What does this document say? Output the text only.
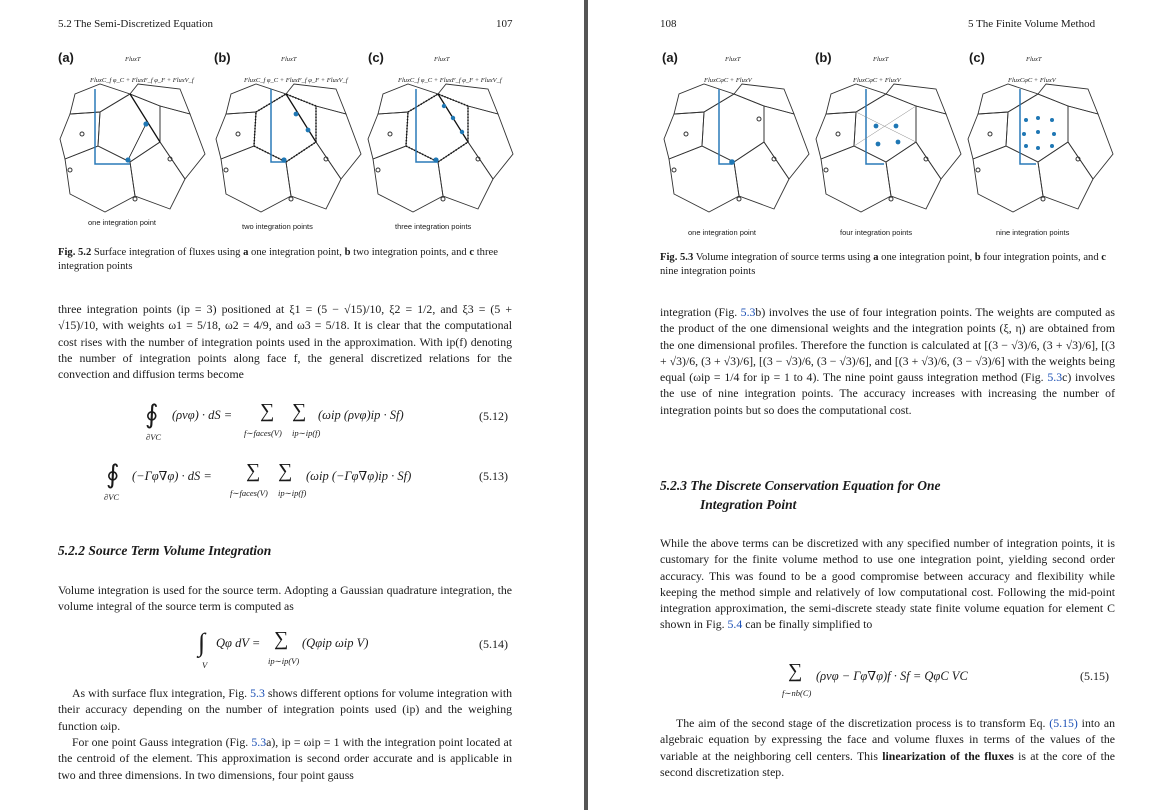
5.2 The Semi-Discretized Equation	107
(a)	FluxT
FluxC_f φ_C + FluxF_f φ_F + FluxV_f
one integration point
(b)	FluxT
FluxC_f φ_C + FluxF_f φ_F + FluxV_f
two integration points
(c)	FluxT
FluxC_f φ_C + FluxF_f φ_F + FluxV_f
three integration points
Fig. 5.2 Surface integration of fluxes using a one integration point, b two integration points, and c three integration points
three integration points (ip = 3) positioned at ξ1 = (5 − √15)/10, ξ2 = 1/2, and ξ3 = (5 + √15)/10, with weights ω1 = 5/18, ω2 = 4/9, and ω3 = 5/18. It is clear that the computational cost rises with the number of integration points used in the approximation. With ip(f) denoting the number of integration points along face f, the general discretized relations for the convection and diffusion terms become
∮ (ρvφ) · dS = ∑ ∑ (ωip (ρvφ)ip · Sf)
∂VC	f∼faces(V) ip∼ip(f)
(5.12)
∮ (−Γφ∇φ) · dS = ∑ ∑ (ωip (−Γφ∇φ)ip · Sf)
∂VC	f∼faces(V) ip∼ip(f)
(5.13)
5.2.2 Source Term Volume Integration
Volume integration is used for the source term. Adopting a Gaussian quadrature integration, the volume integral of the source term is computed as
∫ Qφ dV = ∑ (Qφip ωip V)
V	ip∼ip(V)
(5.14)
As with surface flux integration, Fig. 5.3 shows different options for volume integration with their accuracy depending on the number of integration points used (ip) and the weighing function ωip.
For one point Gauss integration (Fig. 5.3a), ip = ωip = 1 with the integration point located at the centroid of the element. This approximation is second order accurate and is applicable in two and three dimensions. In two dimensions, four point gauss
108	5 The Finite Volume Method
(a)	FluxT
FluxCφC + FluxV
one integration point
(b)	FluxT
FluxCφC + FluxV
four integration points
(c)	FluxT
FluxCφC + FluxV
nine integration points
Fig. 5.3 Volume integration of source terms using a one integration point, b four integration points, and c nine integration points
integration (Fig. 5.3b) involves the use of four integration points. The weights are computed as the product of the one dimensional weights and the integration points (ξ, η) are obtained from the one dimensional profiles. Therefore the function is calculated at [(3 − √3)/6, (3 + √3)/6], [(3 + √3)/6, (3 + √3)/6], [(3 − √3)/6, (3 − √3)/6], and [(3 + √3)/6, (3 − √3)/6] with the weights being equal (ωip = 1/4 for ip = 1 to 4). The nine point gauss integration method (Fig. 5.3c) involves the use of nine integration points. The accuracy increases with increasing the number of integration points but so does the computational cost.
5.2.3 The Discrete Conservation Equation for One
Integration Point
While the above terms can be discretized with any specified number of integration points, it is customary for the finite volume method to use one integration point, yielding second order accuracy. This was found to be a good compromise between accuracy and flexibility while keeping the method simple and relatively of low computational cost. Following the mid-point integration approximation, the semi-discrete steady state finite volume equation for element C shown in Fig. 5.4 can be finally simplified to
∑ (ρvφ − Γφ∇φ)f · Sf = QφC VC
f∼nb(C)
(5.15)
The aim of the second stage of the discretization process is to transform Eq. (5.15) into an algebraic equation by expressing the face and volume fluxes in terms of the values of the variable at the neighboring cell centers. This linearization of the fluxes is at the core of the second discretization step.
